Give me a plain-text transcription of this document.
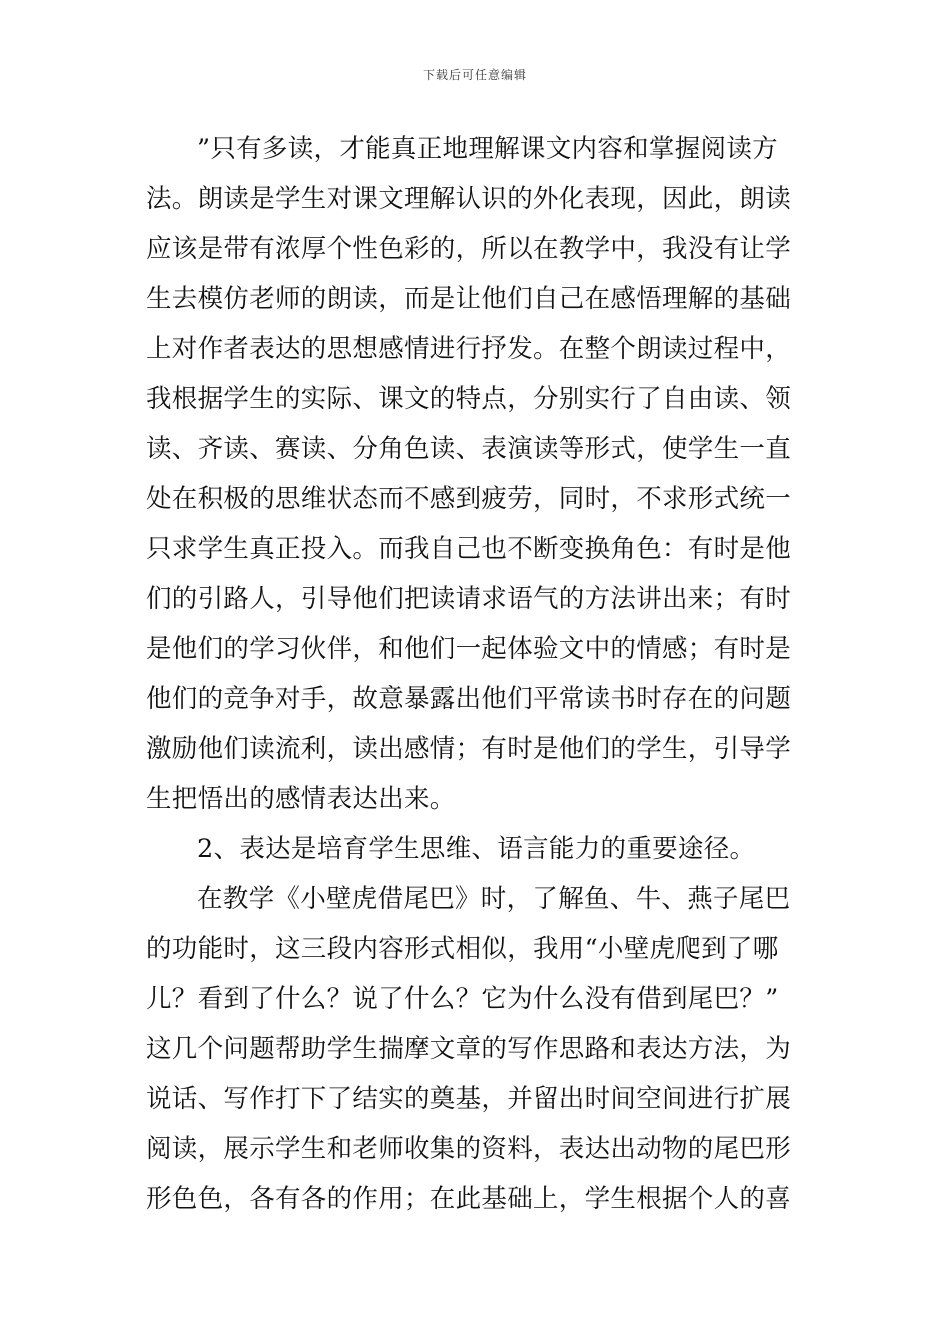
下载后可任意编辑
”只有多读，才能真正地理解课文内容和掌握阅读方
法。朗读是学生对课文理解认识的外化表现，因此，朗读
应该是带有浓厚个性色彩的，所以在教学中，我没有让学
生去模仿老师的朗读，而是让他们自己在感悟理解的基础
上对作者表达的思想感情进行抒发。在整个朗读过程中，
我根据学生的实际、课文的特点，分别实行了自由读、领
读、齐读、赛读、分角色读、表演读等形式，使学生一直
处在积极的思维状态而不感到疲劳，同时，不求形式统一
只求学生真正投入。而我自己也不断变换角色：有时是他
们的引路人，引导他们把读请求语气的方法讲出来；有时
是他们的学习伙伴，和他们一起体验文中的情感；有时是
他们的竞争对手，故意暴露出他们平常读书时存在的问题
激励他们读流利，读出感情；有时是他们的学生，引导学
生把悟出的感情表达出来。
2、表达是培育学生思维、语言能力的重要途径。
在教学《小壁虎借尾巴》时，了解鱼、牛、燕子尾巴
的功能时，这三段内容形式相似，我用“小壁虎爬到了哪
儿？看到了什么？说了什么？它为什么没有借到尾巴？”
这几个问题帮助学生揣摩文章的写作思路和表达方法，为
说话、写作打下了结实的奠基，并留出时间空间进行扩展
阅读，展示学生和老师收集的资料，表达出动物的尾巴形
形色色，各有各的作用；在此基础上，学生根据个人的喜
